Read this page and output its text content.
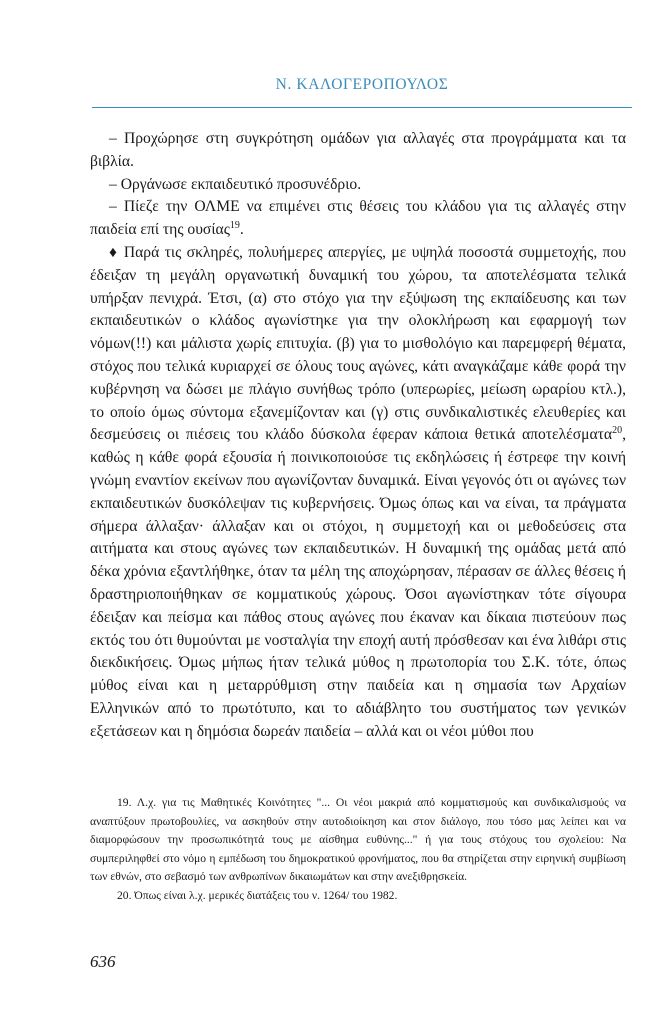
Ν. ΚΑΛΟΓΕΡΟΠΟΥΛΟΣ

– Προχώρησε στη συγκρότηση ομάδων για αλλαγές στα προγράμματα και τα βιβλία.

– Οργάνωσε εκπαιδευτικό προσυνέδριο.

– Πίεζε την ΟΛΜΕ να επιμένει στις θέσεις του κλάδου για τις αλλαγές στην παιδεία επί της ουσίας$^{19}$.

♦ Παρά τις σκληρές, πολυήμερες απεργίες, με υψηλά ποσοστά συμμετοχής, που έδειξαν τη μεγάλη οργανωτική δυναμική του χώρου, τα αποτελέσματα τελικά υπήρξαν πενιχρά. Έτσι, (α) στο στόχο για την εξύψωση της εκπαίδευσης και των εκπαιδευτικών ο κλάδος αγωνίστηκε για την ολοκλήρωση και εφαρμογή των νόμων(!!) και μάλιστα χωρίς επιτυχία. (β) για το μισθολόγιο και παρεμφερή θέματα, στόχος που τελικά κυριαρχεί σε όλους τους αγώνες, κάτι αναγκάζαμε κάθε φορά την κυβέρνηση να δώσει με πλάγιο συνήθως τρόπο (υπερωρίες, μείωση ωραρίου κτλ.), το οποίο όμως σύντομα εξανεμίζονταν και (γ) στις συνδικαλιστικές ελευθερίες και δεσμεύσεις οι πιέσεις του κλάδο δύσκολα έφεραν κάποια θετικά αποτελέσματα$^{20}$, καθώς η κάθε φορά εξουσία ή ποινικοποιούσε τις εκδηλώσεις ή έστρεφε την κοινή γνώμη εναντίον εκείνων που αγωνίζονταν δυναμικά. Είναι γεγονός ότι οι αγώνες των εκπαιδευτικών δυσκόλεψαν τις κυβερνήσεις. Όμως όπως και να είναι, τα πράγματα σήμερα άλλαξαν· άλλαξαν και οι στόχοι, η συμμετοχή και οι μεθοδεύσεις στα αιτήματα και στους αγώνες των εκπαιδευτικών. Η δυναμική της ομάδας μετά από δέκα χρόνια εξαντλήθηκε, όταν τα μέλη της αποχώρησαν, πέρασαν σε άλλες θέσεις ή δραστηριοποιήθηκαν σε κομματικούς χώρους. Όσοι αγωνίστηκαν τότε σίγουρα έδειξαν και πείσμα και πάθος στους αγώνες που έκαναν και δίκαια πιστεύουν πως εκτός του ότι θυμούνται με νοσταλγία την εποχή αυτή πρόσθεσαν και ένα λιθάρι στις διεκδικήσεις. Όμως μήπως ήταν τελικά μύθος η πρωτοπορία του Σ.Κ. τότε, όπως μύθος είναι και η μεταρρύθμιση στην παιδεία και η σημασία των Αρχαίων Ελληνικών από το πρωτότυπο, και το αδιάβλητο του συστήματος των γενικών εξετάσεων και η δημόσια δωρεάν παιδεία – αλλά και οι νέοι μύθοι που

19. Λ.χ. για τις Μαθητικές Κοινότητες "... Οι νέοι μακριά από κομματισμούς και συνδικαλισμούς να αναπτύξουν πρωτοβουλίες, να ασκηθούν στην αυτοδιοίκηση και στον διάλογο, που τόσο μας λείπει και να διαμορφώσουν την προσωπικότητά τους με αίσθημα ευθύνης..." ή για τους στόχους του σχολείου: Να συμπεριληφθεί στο νόμο η εμπέδωση του δημοκρατικού φρονήματος, που θα στηρίζεται στην ειρηνική συμβίωση των εθνών, στο σεβασμό των ανθρωπίνων δικαιωμάτων και στην ανεξιθρησκεία.

20. Όπως είναι λ.χ. μερικές διατάξεις του ν. 1264/ του 1982.

636
